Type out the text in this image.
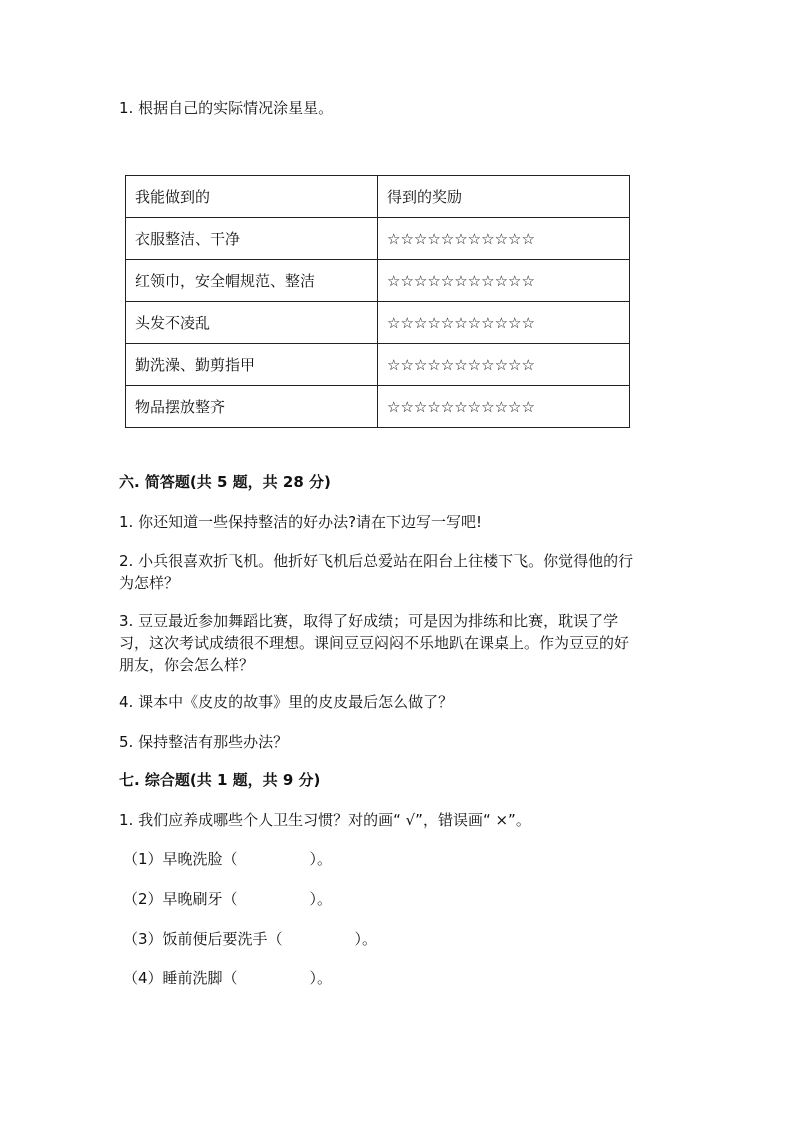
1. 根据自己的实际情况涂星星。
我能做到的	得到的奖励
衣服整洁、干净	☆☆☆☆☆☆☆☆☆☆☆
红领巾，安全帽规范、整洁	☆☆☆☆☆☆☆☆☆☆☆
头发不凌乱	☆☆☆☆☆☆☆☆☆☆☆
勤洗澡、勤剪指甲	☆☆☆☆☆☆☆☆☆☆☆
物品摆放整齐	☆☆☆☆☆☆☆☆☆☆☆
六. 简答题(共 5 题，共 28 分)
1. 你还知道一些保持整洁的好办法?请在下边写一写吧!
2. 小兵很喜欢折飞机。他折好飞机后总爱站在阳台上往楼下飞。你觉得他的行
为怎样？
3. 豆豆最近参加舞蹈比赛，取得了好成绩；可是因为排练和比赛，耽误了学
习，这次考试成绩很不理想。课间豆豆闷闷不乐地趴在课桌上。作为豆豆的好
朋友，你会怎么样？
4. 课本中《皮皮的故事》里的皮皮最后怎么做了？
5. 保持整洁有那些办法？
七. 综合题(共 1 题，共 9 分)
1. 我们应养成哪些个人卫生习惯？对的画“ √”，错误画“ ×”。
（1）早晚洗脸（	）。
（2）早晚刷牙（	）。
（3）饭前便后要洗手（	）。
（4）睡前洗脚（	）。
